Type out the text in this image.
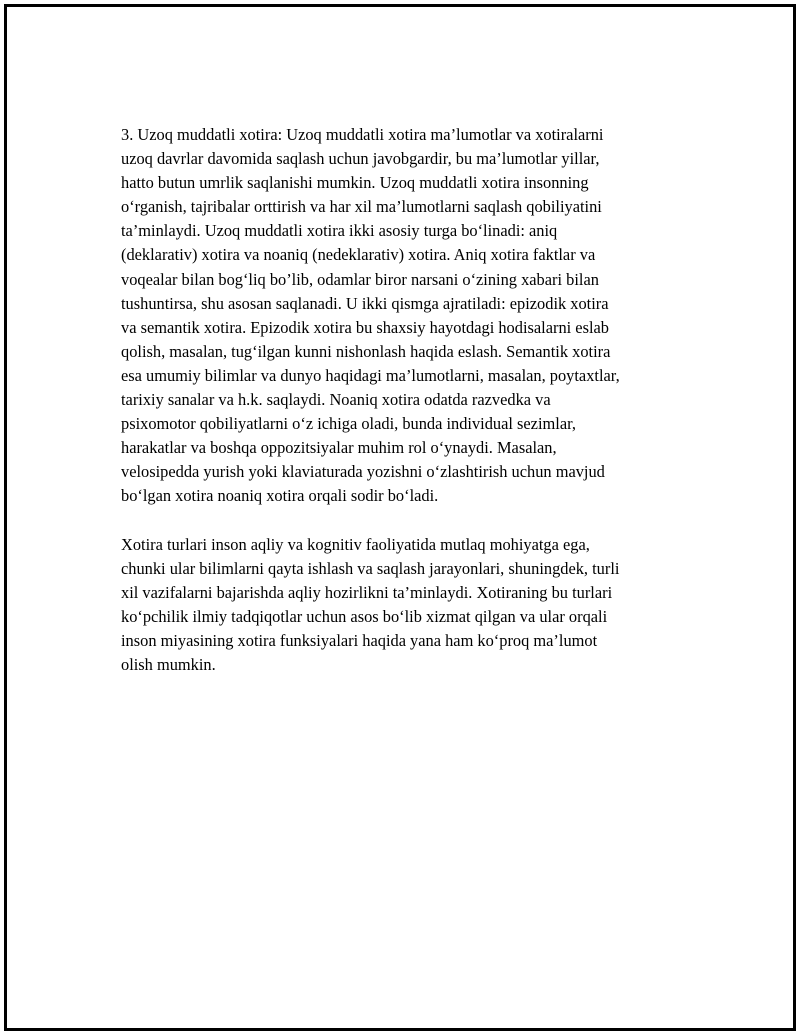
3. Uzoq muddatli xotira: Uzoq muddatli xotira ma’lumotlar va xotiralarni
uzoq davrlar davomida saqlash uchun javobgardir, bu ma’lumotlar yillar,
hatto butun umrlik saqlanishi mumkin. Uzoq muddatli xotira insonning
o‘rganish, tajribalar orttirish va har xil ma’lumotlarni saqlash qobiliyatini
ta’minlaydi. Uzoq muddatli xotira ikki asosiy turga bo‘linadi: aniq
(deklarativ) xotira va noaniq (nedeklarativ) xotira. Aniq xotira faktlar va
voqealar bilan bog‘liq bo’lib, odamlar biror narsani o‘zining xabari bilan
tushuntirsa, shu asosan saqlanadi. U ikki qismga ajratiladi: epizodik xotira
va semantik xotira. Epizodik xotira bu shaxsiy hayotdagi hodisalarni eslab
qolish, masalan, tug‘ilgan kunni nishonlash haqida eslash. Semantik xotira
esa umumiy bilimlar va dunyo haqidagi ma’lumotlarni, masalan, poytaxtlar,
tarixiy sanalar va h.k. saqlaydi. Noaniq xotira odatda razvedka va
psixomotor qobiliyatlarni o‘z ichiga oladi, bunda individual sezimlar,
harakatlar va boshqa oppozitsiyalar muhim rol o‘ynaydi. Masalan,
velosipedda yurish yoki klaviaturada yozishni o‘zlashtirish uchun mavjud
bo‘lgan xotira noaniq xotira orqali sodir bo‘ladi.

Xotira turlari inson aqliy va kognitiv faoliyatida mutlaq mohiyatga ega,
chunki ular bilimlarni qayta ishlash va saqlash jarayonlari, shuningdek, turli
xil vazifalarni bajarishda aqliy hozirlikni ta’minlaydi. Xotiraning bu turlari
ko‘pchilik ilmiy tadqiqotlar uchun asos bo‘lib xizmat qilgan va ular orqali
inson miyasining xotira funksiyalari haqida yana ham ko‘proq ma’lumot
olish mumkin.
